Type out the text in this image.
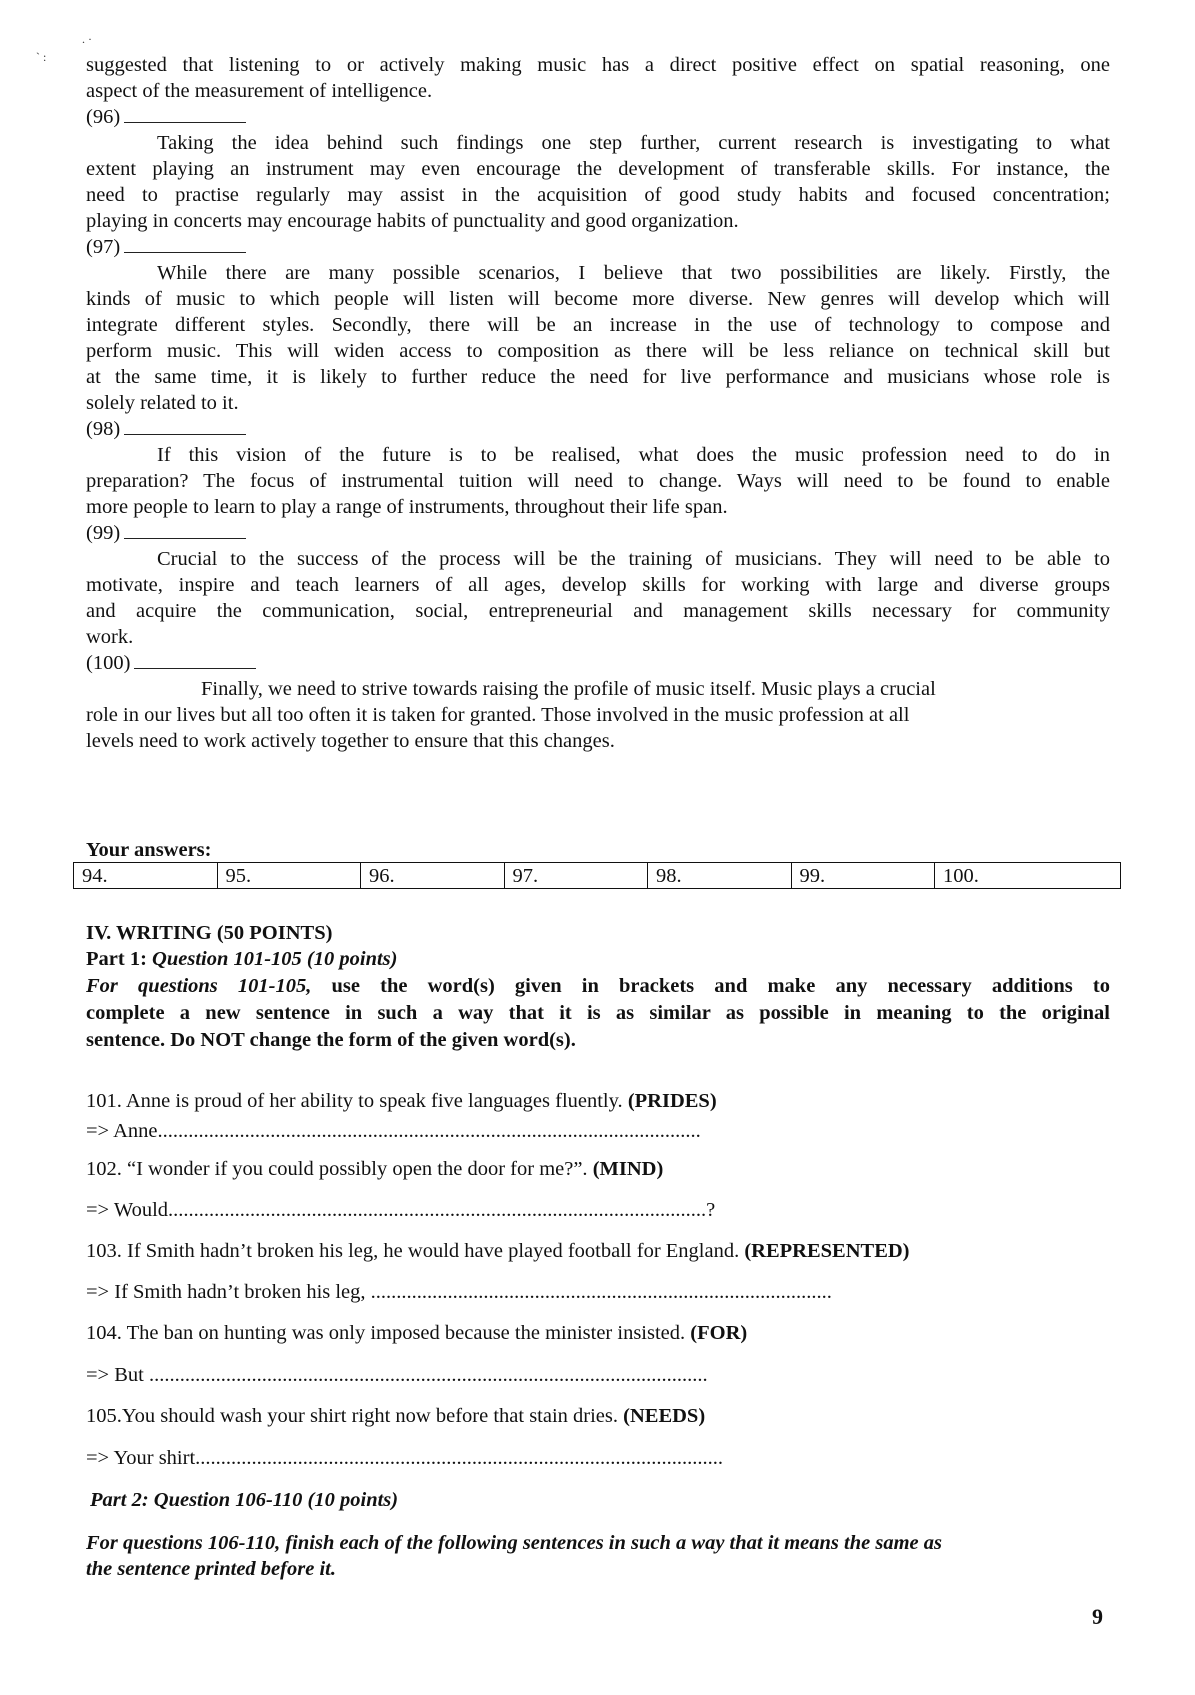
. ·
` : suggested that listening to or actively making music has a direct positive effect on spatial reasoning, one
aspect of the measurement of intelligence.
(96)
Taking the idea behind such findings one step further, current research is investigating to what
extent playing an instrument may even encourage the development of transferable skills. For instance, the
need to practise regularly may assist in the acquisition of good study habits and focused concentration;
playing in concerts may encourage habits of punctuality and good organization.
(97)
While there are many possible scenarios, I believe that two possibilities are likely. Firstly, the
kinds of music to which people will listen will become more diverse. New genres will develop which will
integrate different styles. Secondly, there will be an increase in the use of technology to compose and
perform music. This will widen access to composition as there will be less reliance on technical skill but
at the same time, it is likely to further reduce the need for live performance and musicians whose role is
solely related to it.
(98)
If this vision of the future is to be realised, what does the music profession need to do in
preparation? The focus of instrumental tuition will need to change. Ways will need to be found to enable
more people to learn to play a range of instruments, throughout their life span.
(99)
Crucial to the success of the process will be the training of musicians. They will need to be able to
motivate, inspire and teach learners of all ages, develop skills for working with large and diverse groups
and acquire the communication, social, entrepreneurial and management skills necessary for community
work.
(100)
Finally, we need to strive towards raising the profile of music itself. Music plays a crucial
role in our lives but all too often it is taken for granted. Those involved in the music profession at all
levels need to work actively together to ensure that this changes.
Your answers:
IV. WRITING (50 POINTS)
Part 1: Question 101-105 (10 points)
For questions 101-105, use the word(s) given in brackets and make any necessary additions to
complete a new sentence in such a way that it is as similar as possible in meaning to the original
sentence. Do NOT change the form of the given word(s).
101. Anne is proud of her ability to speak five languages fluently. (PRIDES)
=> Anne..........................................................................................................
102. “I wonder if you could possibly open the door for me?”. (MIND)
=> Would.........................................................................................................?
103. If Smith hadn’t broken his leg, he would have played football for England. (REPRESENTED)
=> If Smith hadn’t broken his leg, ..........................................................................................
104. The ban on hunting was only imposed because the minister insisted. (FOR)
=> But .............................................................................................................
105.You should wash your shirt right now before that stain dries. (NEEDS)
=> Your shirt.......................................................................................................
Part 2: Question 106-110 (10 points)
For questions 106-110, finish each of the following sentences in such a way that it means the same as
the sentence printed before it.
94.	95.	96.	97.	98.	99.	100.
9
